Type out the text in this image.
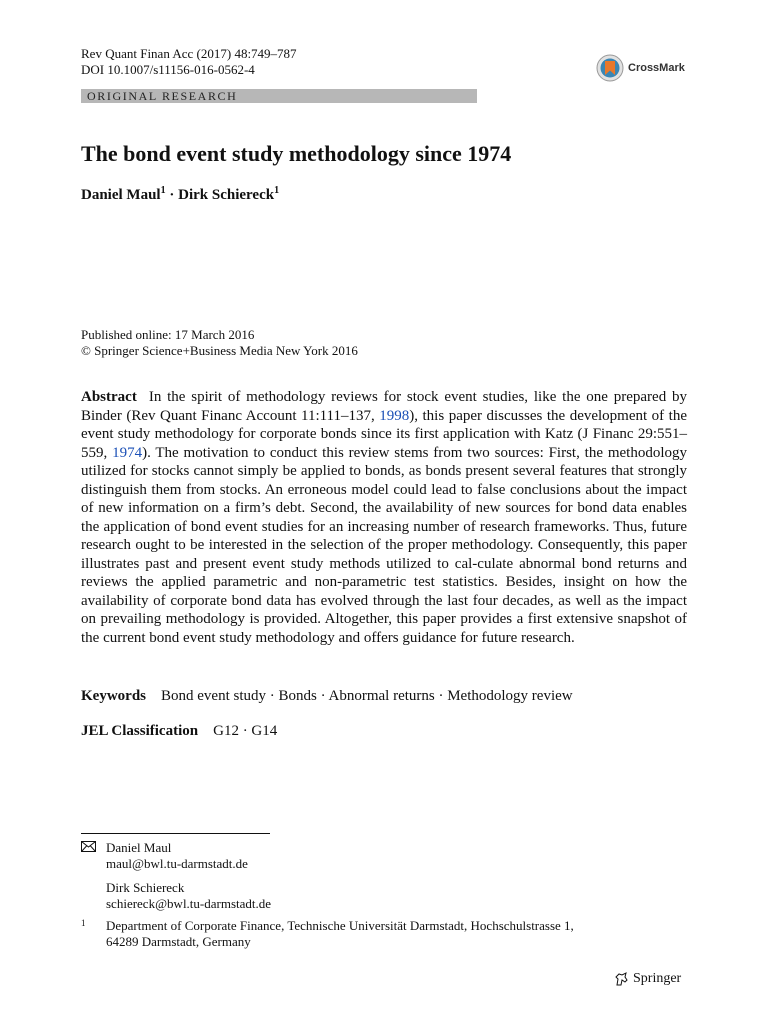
Rev Quant Finan Acc (2017) 48:749–787
DOI 10.1007/s11156-016-0562-4	CrossMark
ORIGINAL RESEARCH
The bond event study methodology since 1974
Daniel Maul$^1$ · Dirk Schiereck$^1$
Published online: 17 March 2016
© Springer Science+Business Media New York 2016
Abstract In the spirit of methodology reviews for stock event studies, like the one prepared by Binder (Rev Quant Financ Account 11:111–137, 1998), this paper discusses the development of the event study methodology for corporate bonds since its first application with Katz (J Financ 29:551–559, 1974). The motivation to conduct this review stems from two sources: First, the methodology utilized for stocks cannot simply be applied to bonds, as bonds present several features that strongly distinguish them from stocks. An erroneous model could lead to false conclusions about the impact of new information on a firm’s debt. Second, the availability of new sources for bond data enables the application of bond event studies for an increasing number of research frameworks. Thus, future research ought to be interested in the selection of the proper methodology. Consequently, this paper illustrates past and present event study methods utilized to cal-culate abnormal bond returns and reviews the applied parametric and non-parametric test statistics. Besides, insight on how the availability of corporate bond data has evolved through the last four decades, as well as the impact on prevailing methodology is provided. Altogether, this paper provides a first extensive snapshot of the current bond event study methodology and offers guidance for future research.
Keywords Bond event study · Bonds · Abnormal returns · Methodology review
JEL Classification G12 · G14
Daniel Maul
maul@bwl.tu-darmstadt.de
Dirk Schiereck
schiereck@bwl.tu-darmstadt.de
1 Department of Corporate Finance, Technische Universität Darmstadt, Hochschulstrasse 1,
64289 Darmstadt, Germany
Springer
